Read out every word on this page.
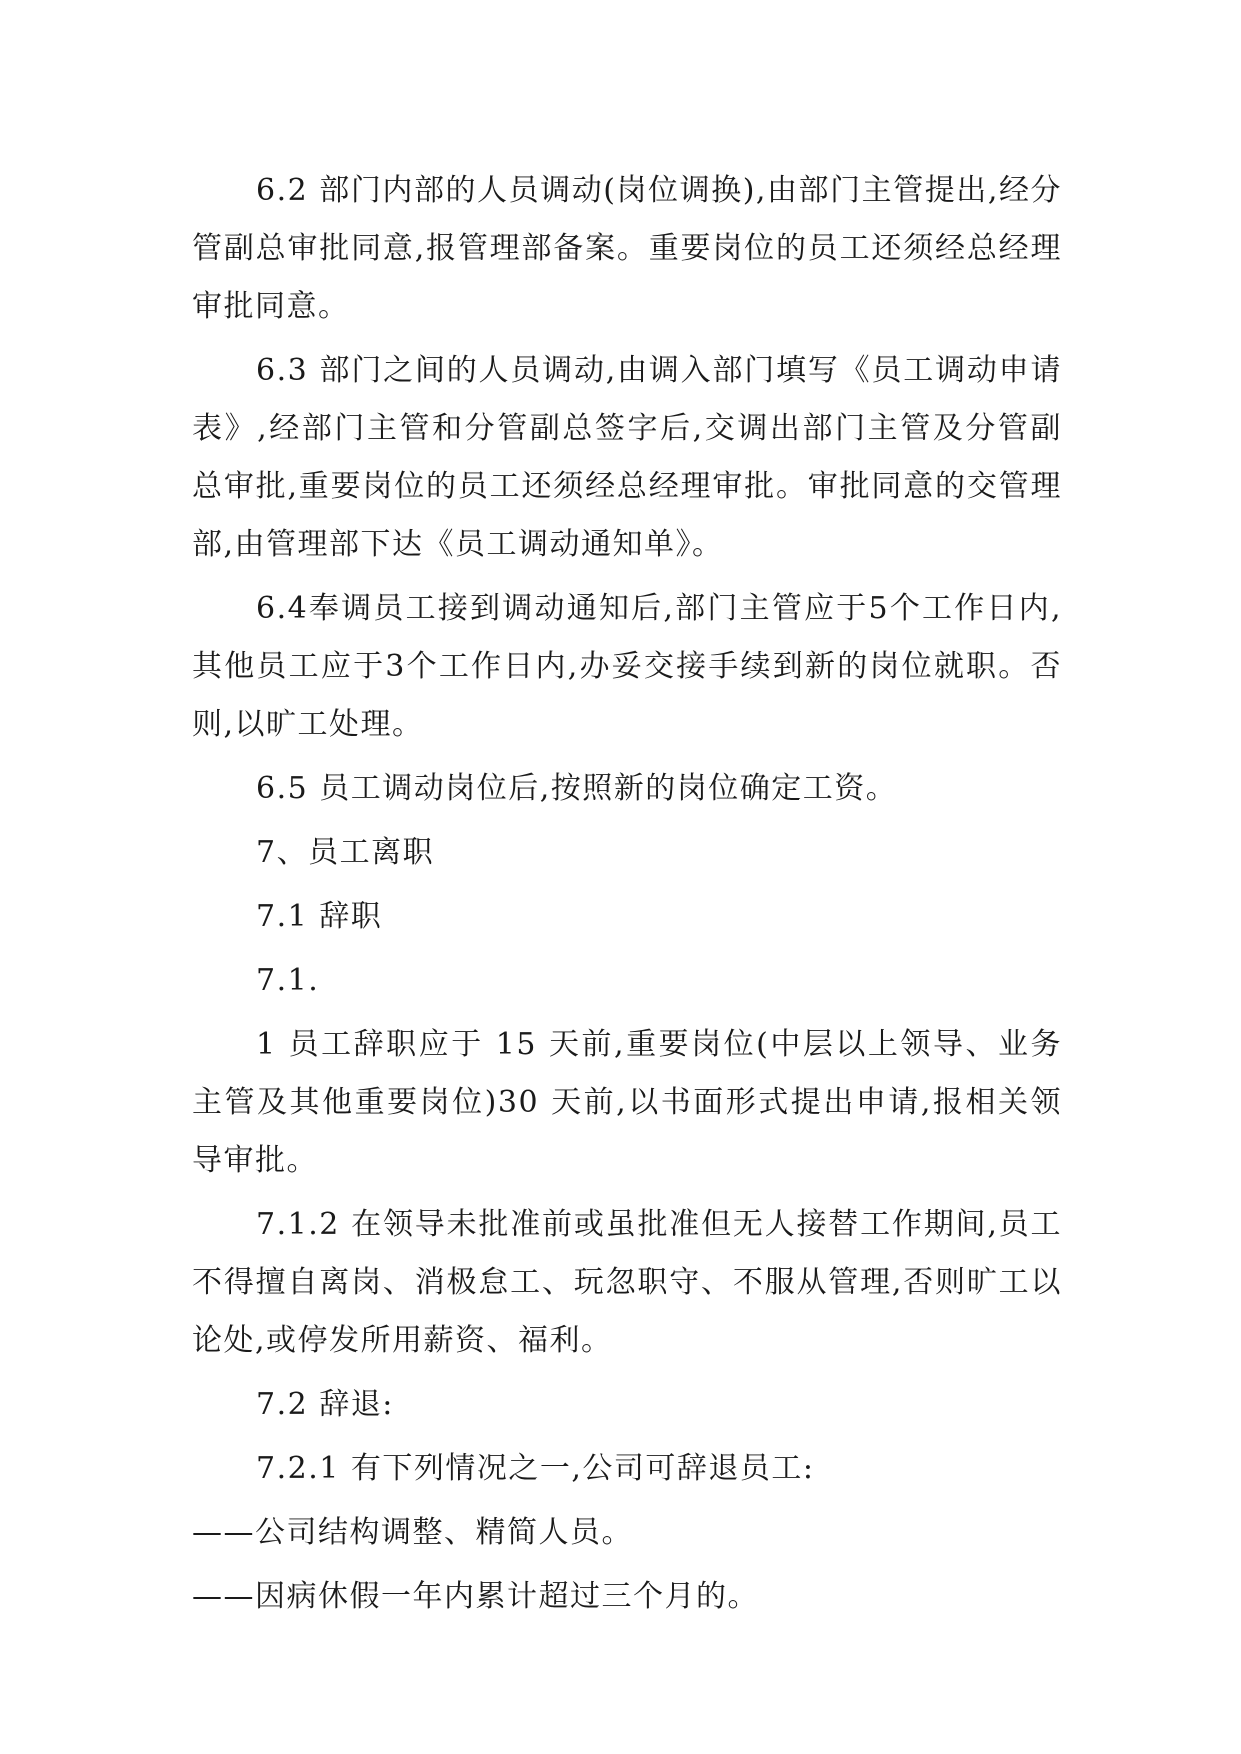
6.2 部门内部的人员调动(岗位调换),由部门主管提出,经分管副总审批同意,报管理部备案。重要岗位的员工还须经总经理审批同意。

6.3 部门之间的人员调动,由调入部门填写《员工调动申请表》,经部门主管和分管副总签字后,交调出部门主管及分管副总审批,重要岗位的员工还须经总经理审批。审批同意的交管理部,由管理部下达《员工调动通知单》。

6.4奉调员工接到调动通知后,部门主管应于5个工作日内,其他员工应于3个工作日内,办妥交接手续到新的岗位就职。否则,以旷工处理。

6.5 员工调动岗位后,按照新的岗位确定工资。

7、员工离职

7.1 辞职

7.1.

1 员工辞职应于 15 天前,重要岗位(中层以上领导、业务主管及其他重要岗位)30 天前,以书面形式提出申请,报相关领导审批。

7.1.2 在领导未批准前或虽批准但无人接替工作期间,员工不得擅自离岗、消极怠工、玩忽职守、不服从管理,否则旷工以论处,或停发所用薪资、福利。

7.2 辞退:

7.2.1 有下列情况之一,公司可辞退员工:

——公司结构调整、精简人员。

——因病休假一年内累计超过三个月的。
